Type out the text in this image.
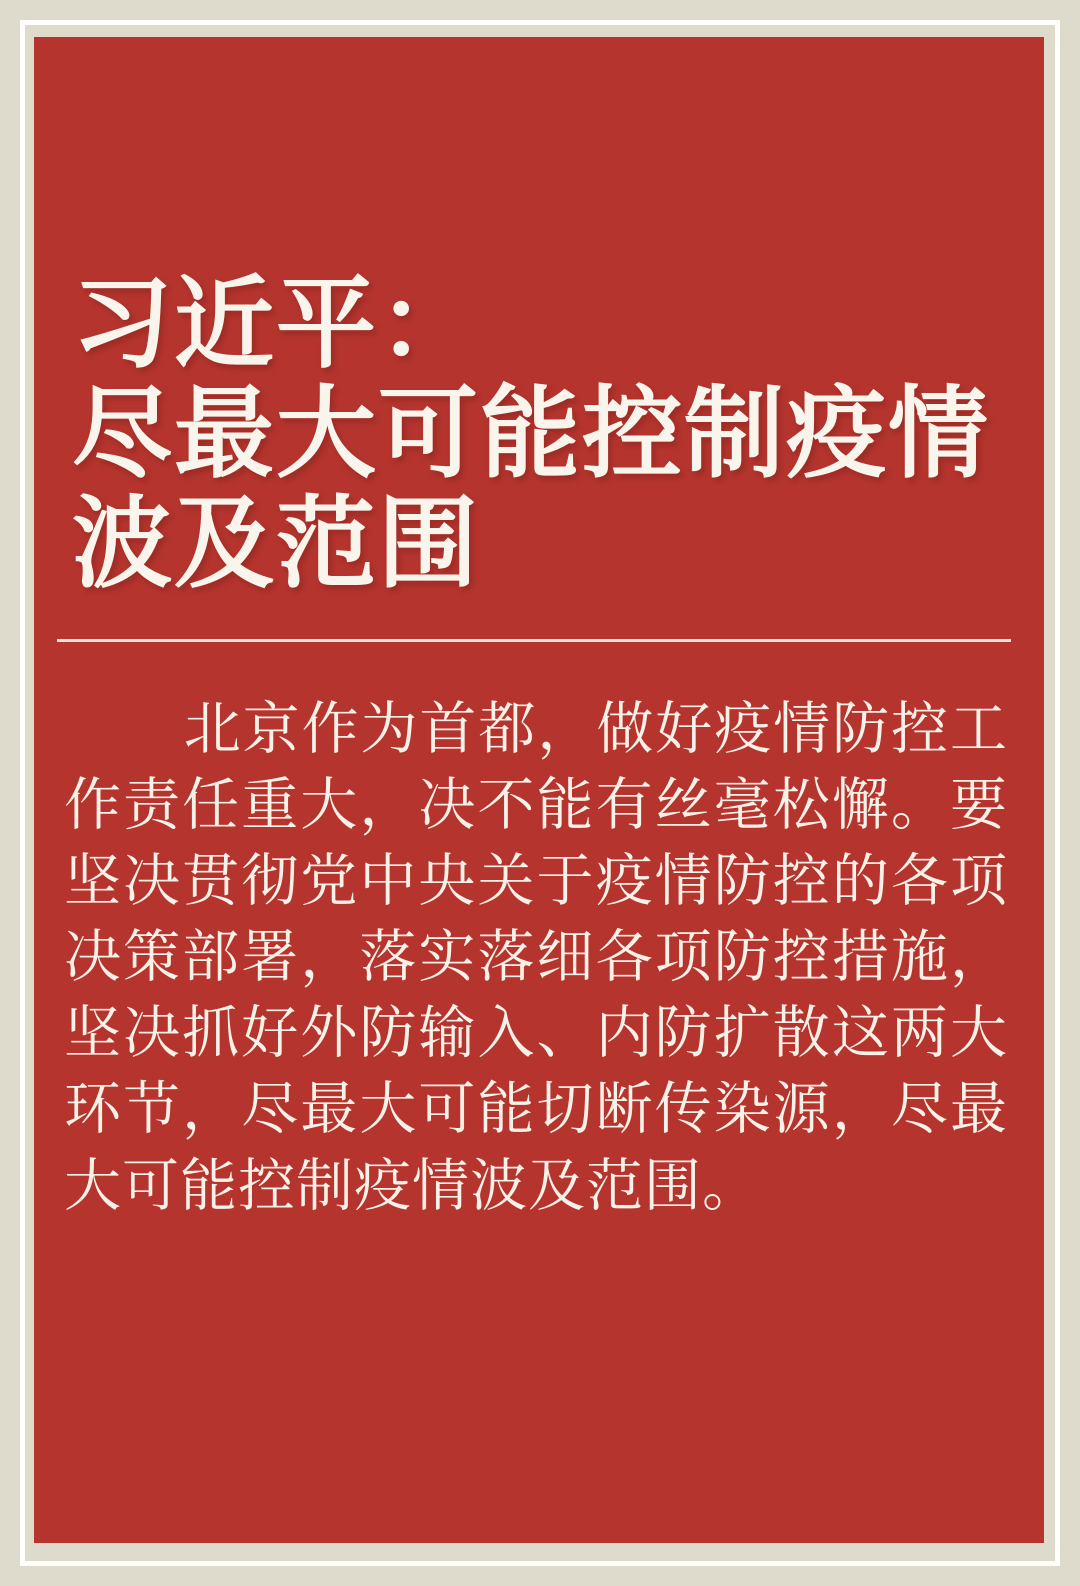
习近平：
尽最大可能控制疫情
波及范围

北京作为首都，做好疫情防控工作责任重大，决不能有丝毫松懈。要坚决贯彻党中央关于疫情防控的各项决策部署，落实落细各项防控措施，坚决抓好外防输入、内防扩散这两大环节，尽最大可能切断传染源，尽最大可能控制疫情波及范围。
